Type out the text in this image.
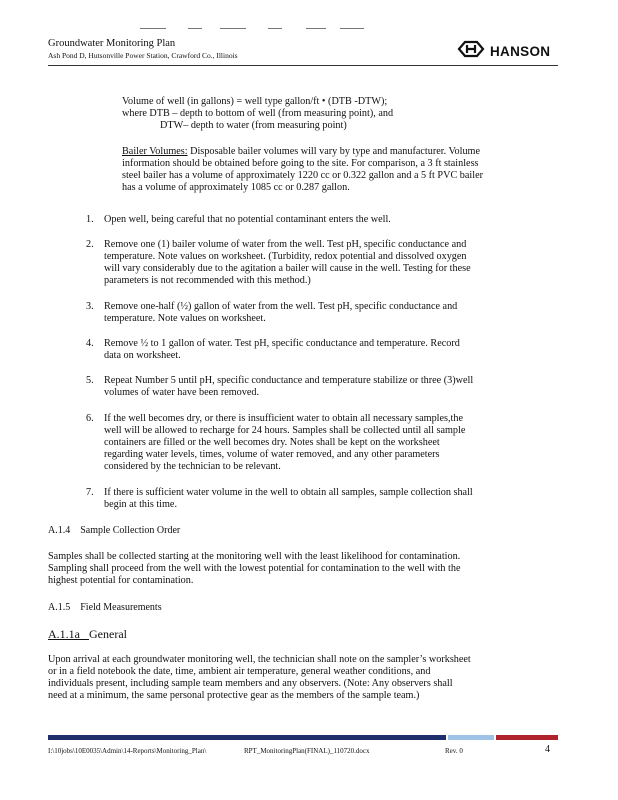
Groundwater Monitoring Plan
Ash Pond D, Hutsonville Power Station, Crawford Co., Illinois	HANSON
Volume of well (in gallons) = well type gallon/ft • (DTB -DTW);
where DTB – depth to bottom of well (from measuring point), and
DTW– depth to water (from measuring point)
Bailer Volumes: Disposable bailer volumes will vary by type and manufacturer. Volume
information should be obtained before going to the site. For comparison, a 3 ft stainless
steel bailer has a volume of approximately 1220 cc or 0.322 gallon and a 5 ft PVC bailer
has a volume of approximately 1085 cc or 0.287 gallon.
1. Open well, being careful that no potential contaminant enters the well.
2. Remove one (1) bailer volume of water from the well. Test pH, specific conductance and
temperature. Note values on worksheet. (Turbidity, redox potential and dissolved oxygen
will vary considerably due to the agitation a bailer will cause in the well. Testing for these
parameters is not recommended with this method.)
3. Remove one-half (½) gallon of water from the well. Test pH, specific conductance and
temperature. Note values on worksheet.
4. Remove ½ to 1 gallon of water. Test pH, specific conductance and temperature. Record
data on worksheet.
5. Repeat Number 5 until pH, specific conductance and temperature stabilize or three (3)well
volumes of water have been removed.
6. If the well becomes dry, or there is insufficient water to obtain all necessary samples,the
well will be allowed to recharge for 24 hours. Samples shall be collected until all sample
containers are filled or the well becomes dry. Notes shall be kept on the worksheet
regarding water levels, times, volume of water removed, and any other parameters
considered by the technician to be relevant.
7. If there is sufficient water volume in the well to obtain all samples, sample collection shall
begin at this time.
A.1.4 Sample Collection Order
Samples shall be collected starting at the monitoring well with the least likelihood for contamination.
Sampling shall proceed from the well with the lowest potential for contamination to the well with the
highest potential for contamination.
A.1.5 Field Measurements
A.1.1a General
Upon arrival at each groundwater monitoring well, the technician shall note on the sampler’s worksheet
or in a field notebook the date, time, ambient air temperature, general weather conditions, and
individuals present, including sample team members and any observers. (Note: Any observers shall
need at a minimum, the same personal protective gear as the members of the sample team.)
I:\10jobs\10E0035\Admin\14-Reports\Monitoring_Plan\	RPT_MonitoringPlan(FINAL)_110720.docx	Rev. 0	4
